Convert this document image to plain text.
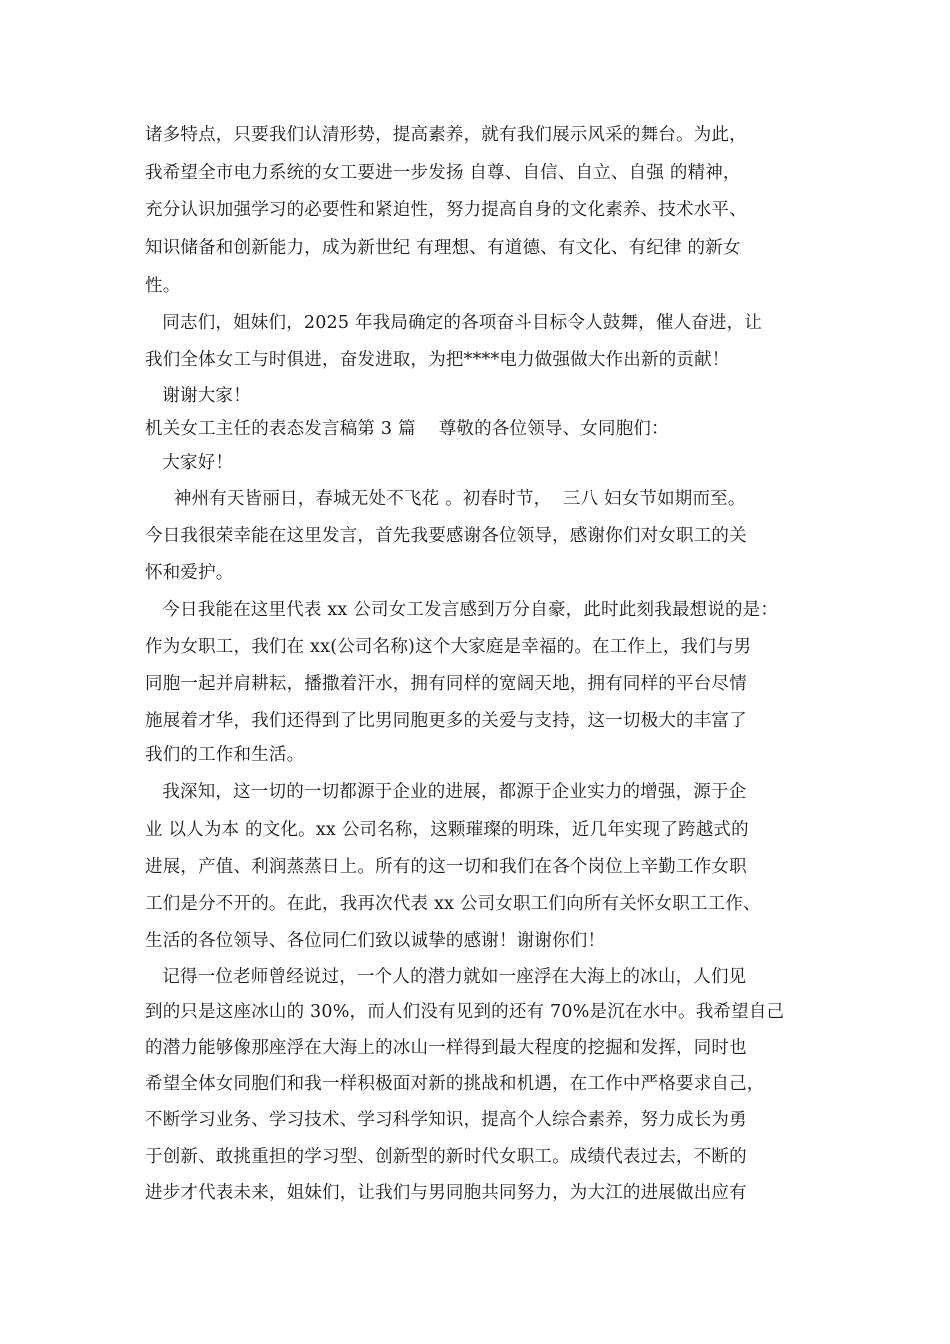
诸多特点，只要我们认清形势，提高素养，就有我们展示风采的舞台。为此，
我希望全市电力系统的女工要进一步发扬 自尊、自信、自立、自强 的精神，
充分认识加强学习的必要性和紧迫性，努力提高自身的文化素养、技术水平、
知识储备和创新能力，成为新世纪 有理想、有道德、有文化、有纪律 的新女
性。
同志们，姐妹们，2025 年我局确定的各项奋斗目标令人鼓舞，催人奋进，让
我们全体女工与时俱进，奋发进取，为把****电力做强做大作出新的贡献！
谢谢大家！
机关女工主任的表态发言稿第 3 篇    尊敬的各位领导、女同胞们：
大家好！
神州有天皆丽日，春城无处不飞花 。初春时节，  三八 妇女节如期而至。
今日我很荣幸能在这里发言，首先我要感谢各位领导，感谢你们对女职工的关
怀和爱护。
今日我能在这里代表 xx 公司女工发言感到万分自豪，此时此刻我最想说的是：
作为女职工，我们在 xx(公司名称)这个大家庭是幸福的。在工作上，我们与男
同胞一起并肩耕耘，播撒着汗水，拥有同样的宽阔天地，拥有同样的平台尽情
施展着才华，我们还得到了比男同胞更多的关爱与支持，这一切极大的丰富了
我们的工作和生活。
我深知，这一切的一切都源于企业的进展，都源于企业实力的增强，源于企
业 以人为本 的文化。xx 公司名称，这颗璀璨的明珠，近几年实现了跨越式的
进展，产值、利润蒸蒸日上。所有的这一切和我们在各个岗位上辛勤工作女职
工们是分不开的。在此，我再次代表 xx 公司女职工们向所有关怀女职工工作、
生活的各位领导、各位同仁们致以诚挚的感谢！谢谢你们！
记得一位老师曾经说过，一个人的潜力就如一座浮在大海上的冰山，人们见
到的只是这座冰山的 30%，而人们没有见到的还有 70%是沉在水中。我希望自己
的潜力能够像那座浮在大海上的冰山一样得到最大程度的挖掘和发挥，同时也
希望全体女同胞们和我一样积极面对新的挑战和机遇，在工作中严格要求自己，
不断学习业务、学习技术、学习科学知识，提高个人综合素养，努力成长为勇
于创新、敢挑重担的学习型、创新型的新时代女职工。成绩代表过去，不断的
进步才代表未来，姐妹们，让我们与男同胞共同努力，为大江的进展做出应有
